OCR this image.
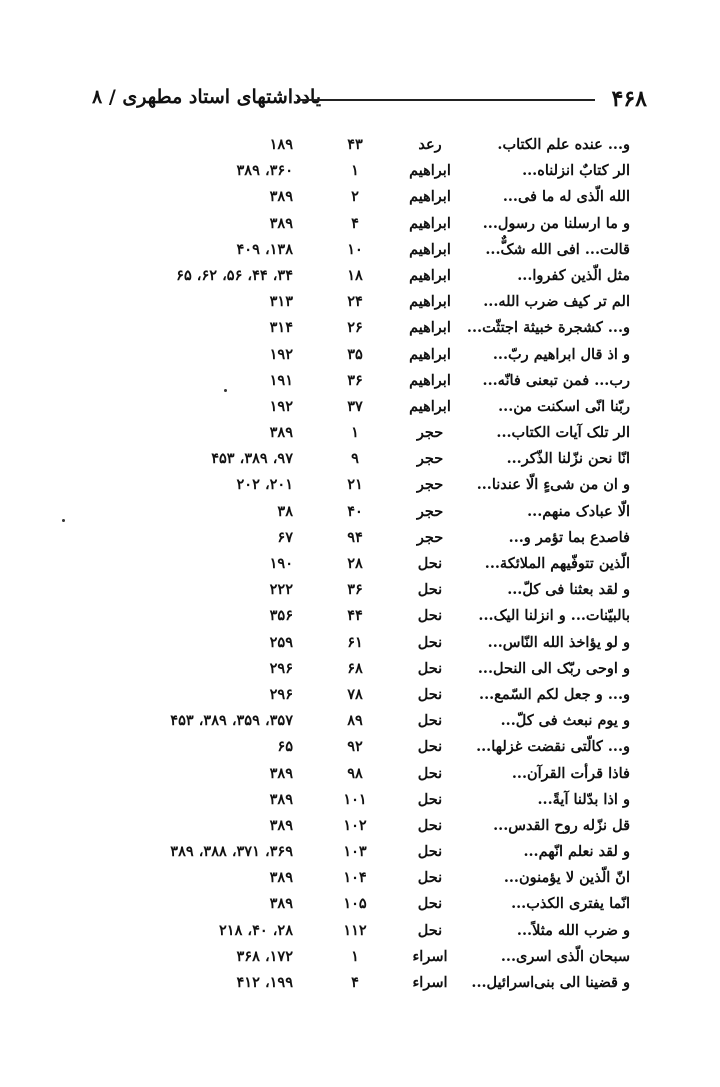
یادداشتهای استاد مطهری / ۸	۴۶۸
و... عنده علم الکتاب.
رعد
۴۳
۱۸۹
الر کتابٌ انزلناه...
ابراهیم
۱
۳۶۰، ۳۸۹
الله الّذی له ما فی...
ابراهیم
۲
۳۸۹
و ما ارسلنا من رسول...
ابراهیم
۴
۳۸۹
قالت... افی الله شکٌّ...
ابراهیم
۱۰
۱۳۸، ۴۰۹
مثل الّذین کفروا...
ابراهیم
۱۸
۳۴، ۴۴، ۵۶، ۶۲، ۶۵
الم تر کیف ضرب الله...
ابراهیم
۲۴
۳۱۳
و... کشجرة خبیثة اجتثّت...
ابراهیم
۲۶
۳۱۴
و اذ قال ابراهیم ربّ...
ابراهیم
۳۵
۱۹۲
رب... فمن تبعنی فانّه...
ابراهیم
۳۶
۱۹۱
ربّنا انّی اسکنت من...
ابراهیم
۳۷
۱۹۲
الر تلک آیات الکتاب...
حجر
۱
۳۸۹
انّا نحن نزّلنا الذّکر...
حجر
۹
۹۷، ۳۸۹، ۴۵۳
و ان من شیءٍ الّا عندنا...
حجر
۲۱
۲۰۱، ۲۰۲
الّا عبادک منهم...
حجر
۴۰
۳۸
فاصدع بما تؤمر و...
حجر
۹۴
۶۷
الّذین تتوفّیهم الملائکة...
نحل
۲۸
۱۹۰
و لقد بعثنا فی کلّ...
نحل
۳۶
۲۲۲
بالبیّنات... و انزلنا الیک...
نحل
۴۴
۳۵۶
و لو یؤاخذ الله النّاس...
نحل
۶۱
۲۵۹
و اوحی ربّک الی النحل...
نحل
۶۸
۲۹۶
و... و جعل لکم السّمع...
نحل
۷۸
۲۹۶
و یوم نبعث فی کلّ...
نحل
۸۹
۳۵۷، ۳۵۹، ۳۸۹، ۴۵۳
و... کالّتی نقضت غزلها...
نحل
۹۲
۶۵
فاذا قرأت القرآن...
نحل
۹۸
۳۸۹
و اذا بدّلنا آیةً...
نحل
۱۰۱
۳۸۹
قل نزّله روح القدس...
نحل
۱۰۲
۳۸۹
و لقد نعلم انّهم...
نحل
۱۰۳
۳۶۹، ۳۷۱، ۳۸۸، ۳۸۹
انّ الّذین لا یؤمنون...
نحل
۱۰۴
۳۸۹
انّما یفتری الکذب...
نحل
۱۰۵
۳۸۹
و ضرب الله مثلاً...
نحل
۱۱۲
۲۸، ۴۰، ۲۱۸
سبحان الّذی اسری...
اسراء
۱
۱۷۲، ۳۶۸
و قضینا الی بنی‌اسرائیل...
اسراء
۴
۱۹۹، ۴۱۲
